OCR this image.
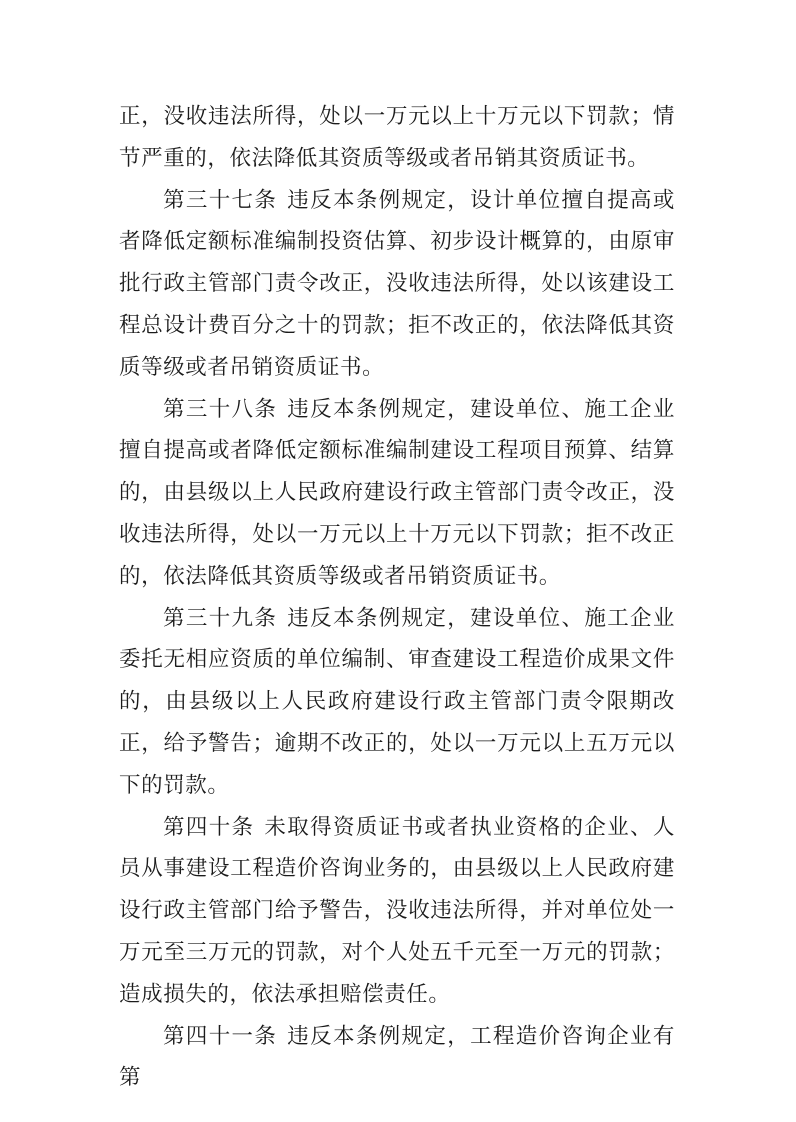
正，没收违法所得，处以一万元以上十万元以下罚款；情节严重的，依法降低其资质等级或者吊销其资质证书。

第三十七条 违反本条例规定，设计单位擅自提高或者降低定额标准编制投资估算、初步设计概算的，由原审批行政主管部门责令改正，没收违法所得，处以该建设工程总设计费百分之十的罚款；拒不改正的，依法降低其资质等级或者吊销资质证书。

第三十八条 违反本条例规定，建设单位、施工企业擅自提高或者降低定额标准编制建设工程项目预算、结算的，由县级以上人民政府建设行政主管部门责令改正，没收违法所得，处以一万元以上十万元以下罚款；拒不改正的，依法降低其资质等级或者吊销资质证书。

第三十九条 违反本条例规定，建设单位、施工企业委托无相应资质的单位编制、审查建设工程造价成果文件的，由县级以上人民政府建设行政主管部门责令限期改正，给予警告；逾期不改正的，处以一万元以上五万元以下的罚款。

第四十条 未取得资质证书或者执业资格的企业、人员从事建设工程造价咨询业务的，由县级以上人民政府建设行政主管部门给予警告，没收违法所得，并对单位处一万元至三万元的罚款，对个人处五千元至一万元的罚款；造成损失的，依法承担赔偿责任。

第四十一条 违反本条例规定，工程造价咨询企业有第
